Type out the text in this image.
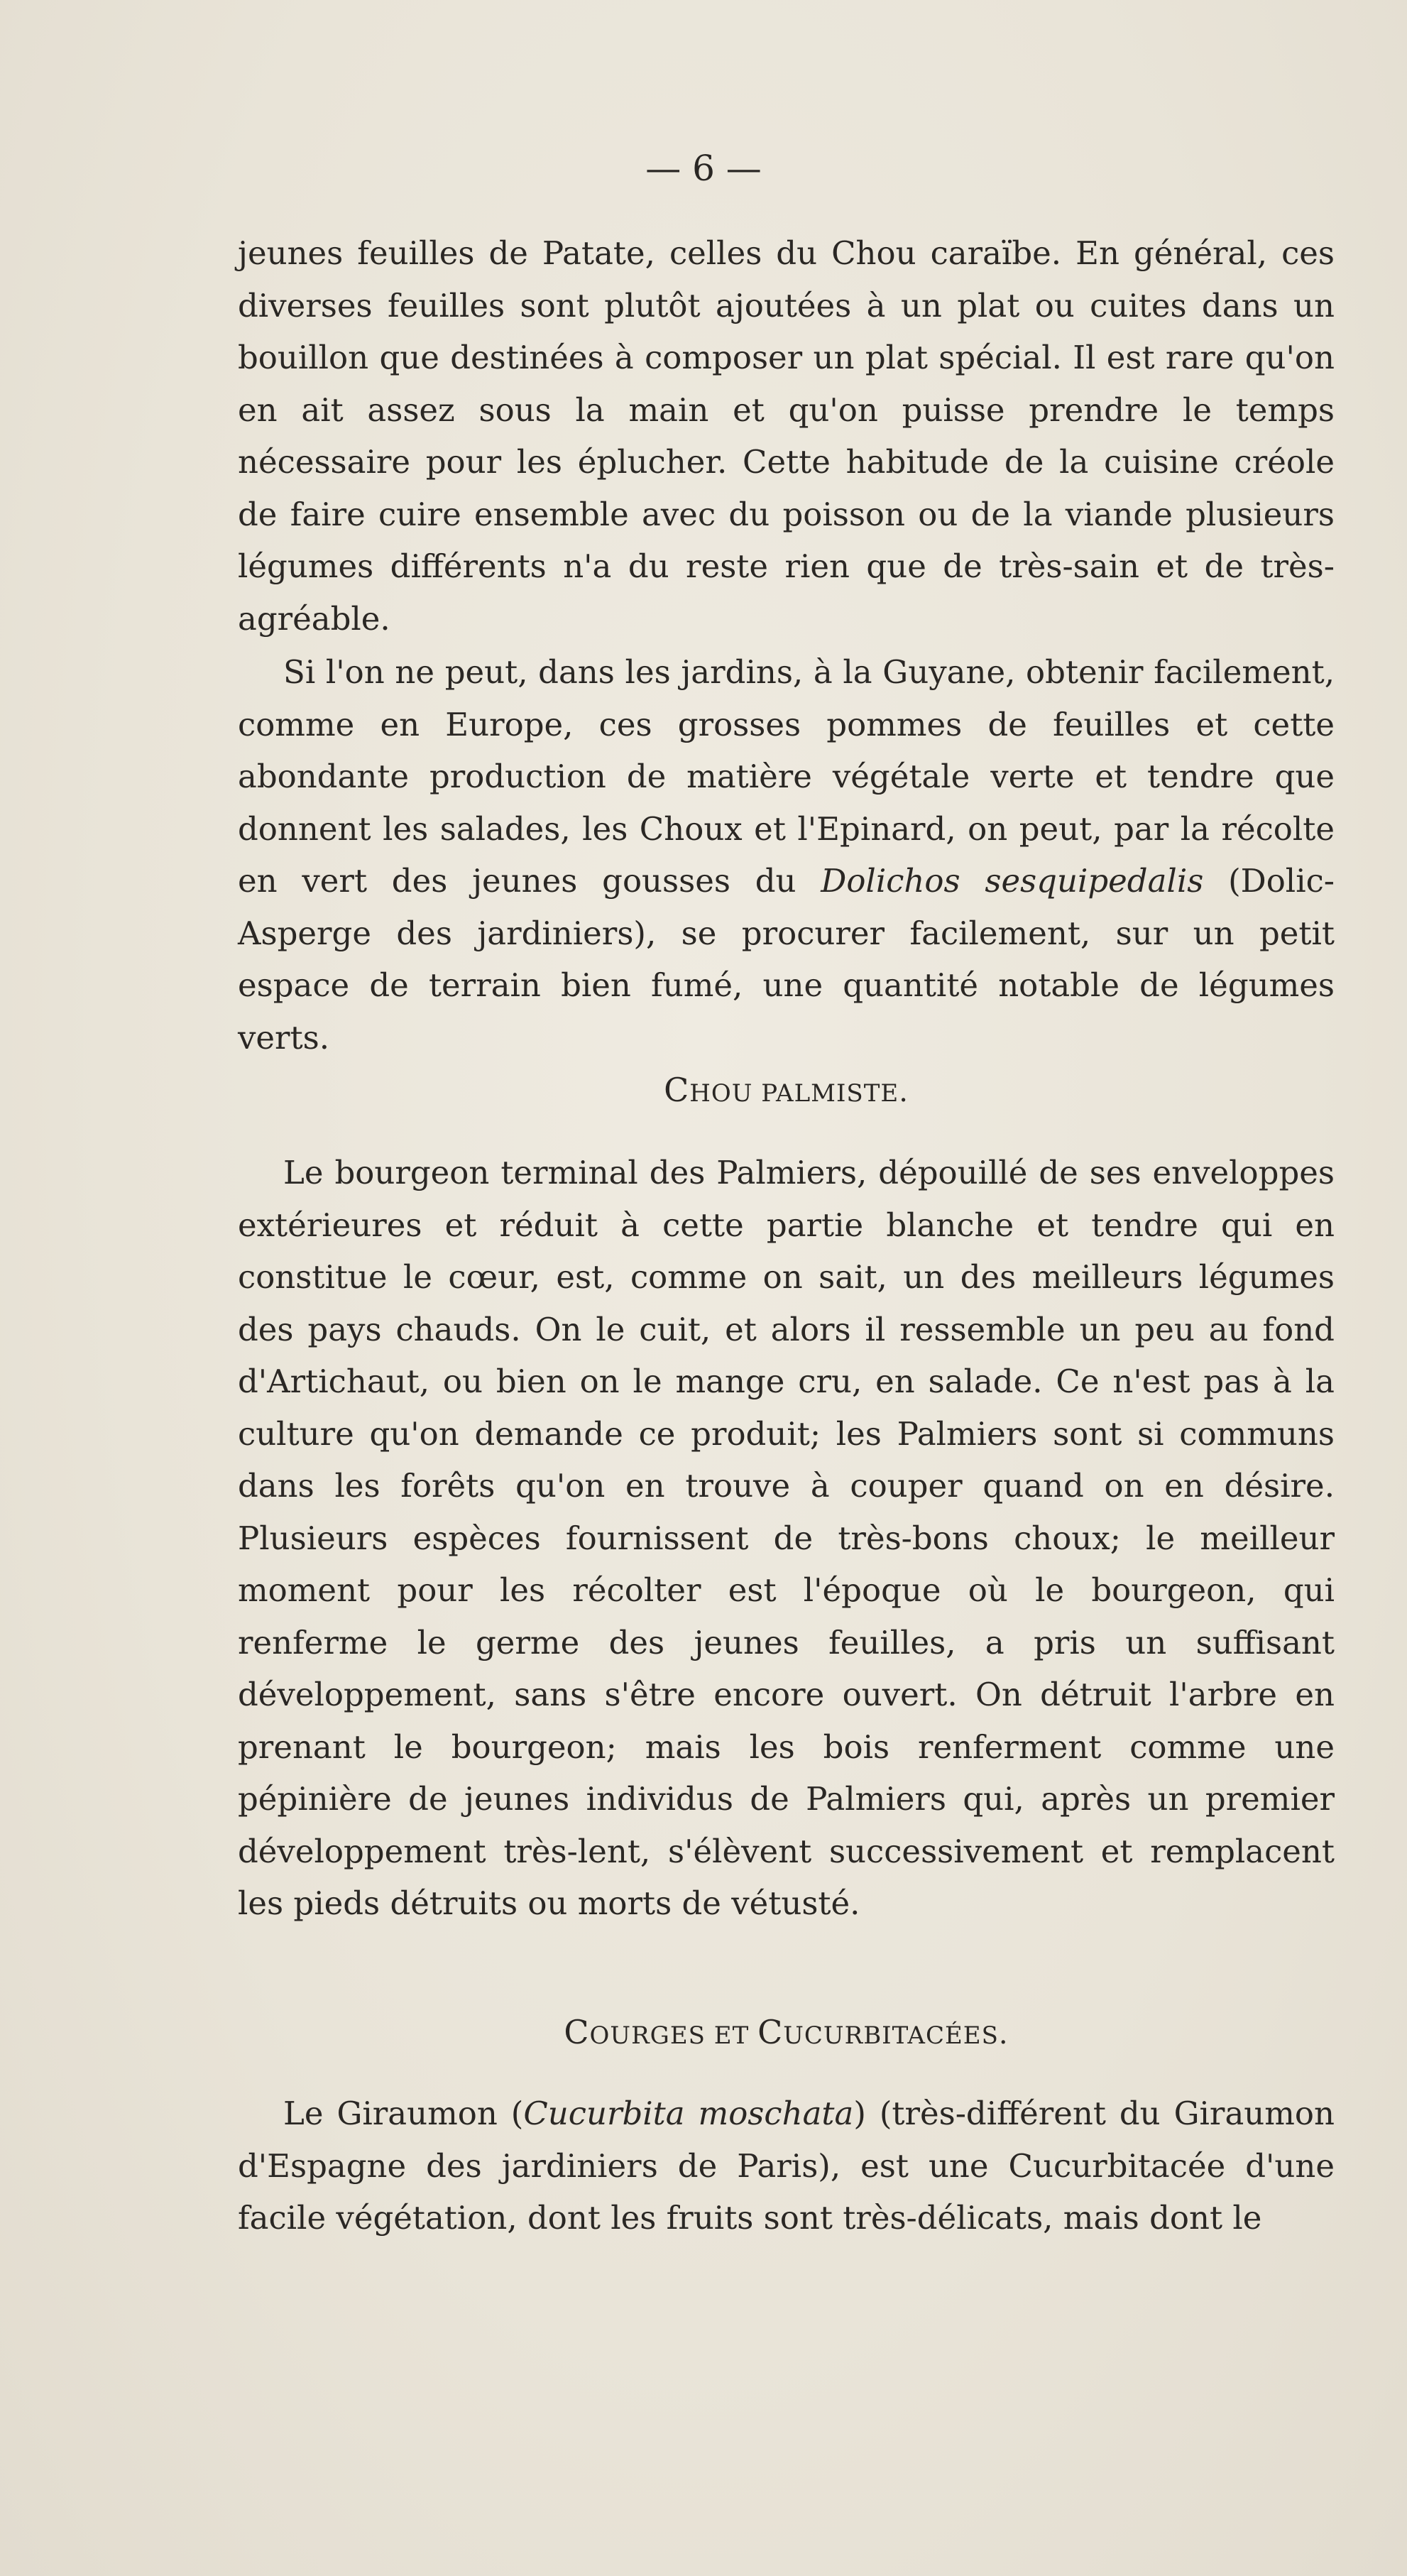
— 6 —

jeunes feuilles de Patate, celles du Chou caraïbe. En général, ces diverses feuilles sont plutôt ajoutées à un plat ou cuites dans un bouillon que destinées à composer un plat spécial. Il est rare qu'on en ait assez sous la main et qu'on puisse prendre le temps nécessaire pour les éplucher. Cette habitude de la cuisine créole de faire cuire ensemble avec du poisson ou de la viande plusieurs légumes différents n'a du reste rien que de très-sain et de très-agréable.

Si l'on ne peut, dans les jardins, à la Guyane, obtenir facilement, comme en Europe, ces grosses pommes de feuilles et cette abondante production de matière végétale verte et tendre que donnent les salades, les Choux et l'Epinard, on peut, par la récolte en vert des jeunes gousses du Dolichos sesquipedalis (Dolic-Asperge des jardiniers), se procurer facilement, sur un petit espace de terrain bien fumé, une quantité notable de légumes verts.

CHOU PALMISTE.

Le bourgeon terminal des Palmiers, dépouillé de ses enveloppes extérieures et réduit à cette partie blanche et tendre qui en constitue le cœur, est, comme on sait, un des meilleurs légumes des pays chauds. On le cuit, et alors il ressemble un peu au fond d'Artichaut, ou bien on le mange cru, en salade. Ce n'est pas à la culture qu'on demande ce produit; les Palmiers sont si communs dans les forêts qu'on en trouve à couper quand on en désire. Plusieurs espèces fournissent de très-bons choux; le meilleur moment pour les récolter est l'époque où le bourgeon, qui renferme le germe des jeunes feuilles, a pris un suffisant développement, sans s'être encore ouvert. On détruit l'arbre en prenant le bourgeon; mais les bois renferment comme une pépinière de jeunes individus de Palmiers qui, après un premier développement très-lent, s'élèvent successivement et remplacent les pieds détruits ou morts de vétusté.

COURGES ET CUCURBITACÉES.

Le Giraumon (Cucurbita moschata) (très-différent du Giraumon d'Espagne des jardiniers de Paris), est une Cucurbitacée d'une facile végétation, dont les fruits sont très-délicats, mais dont le
